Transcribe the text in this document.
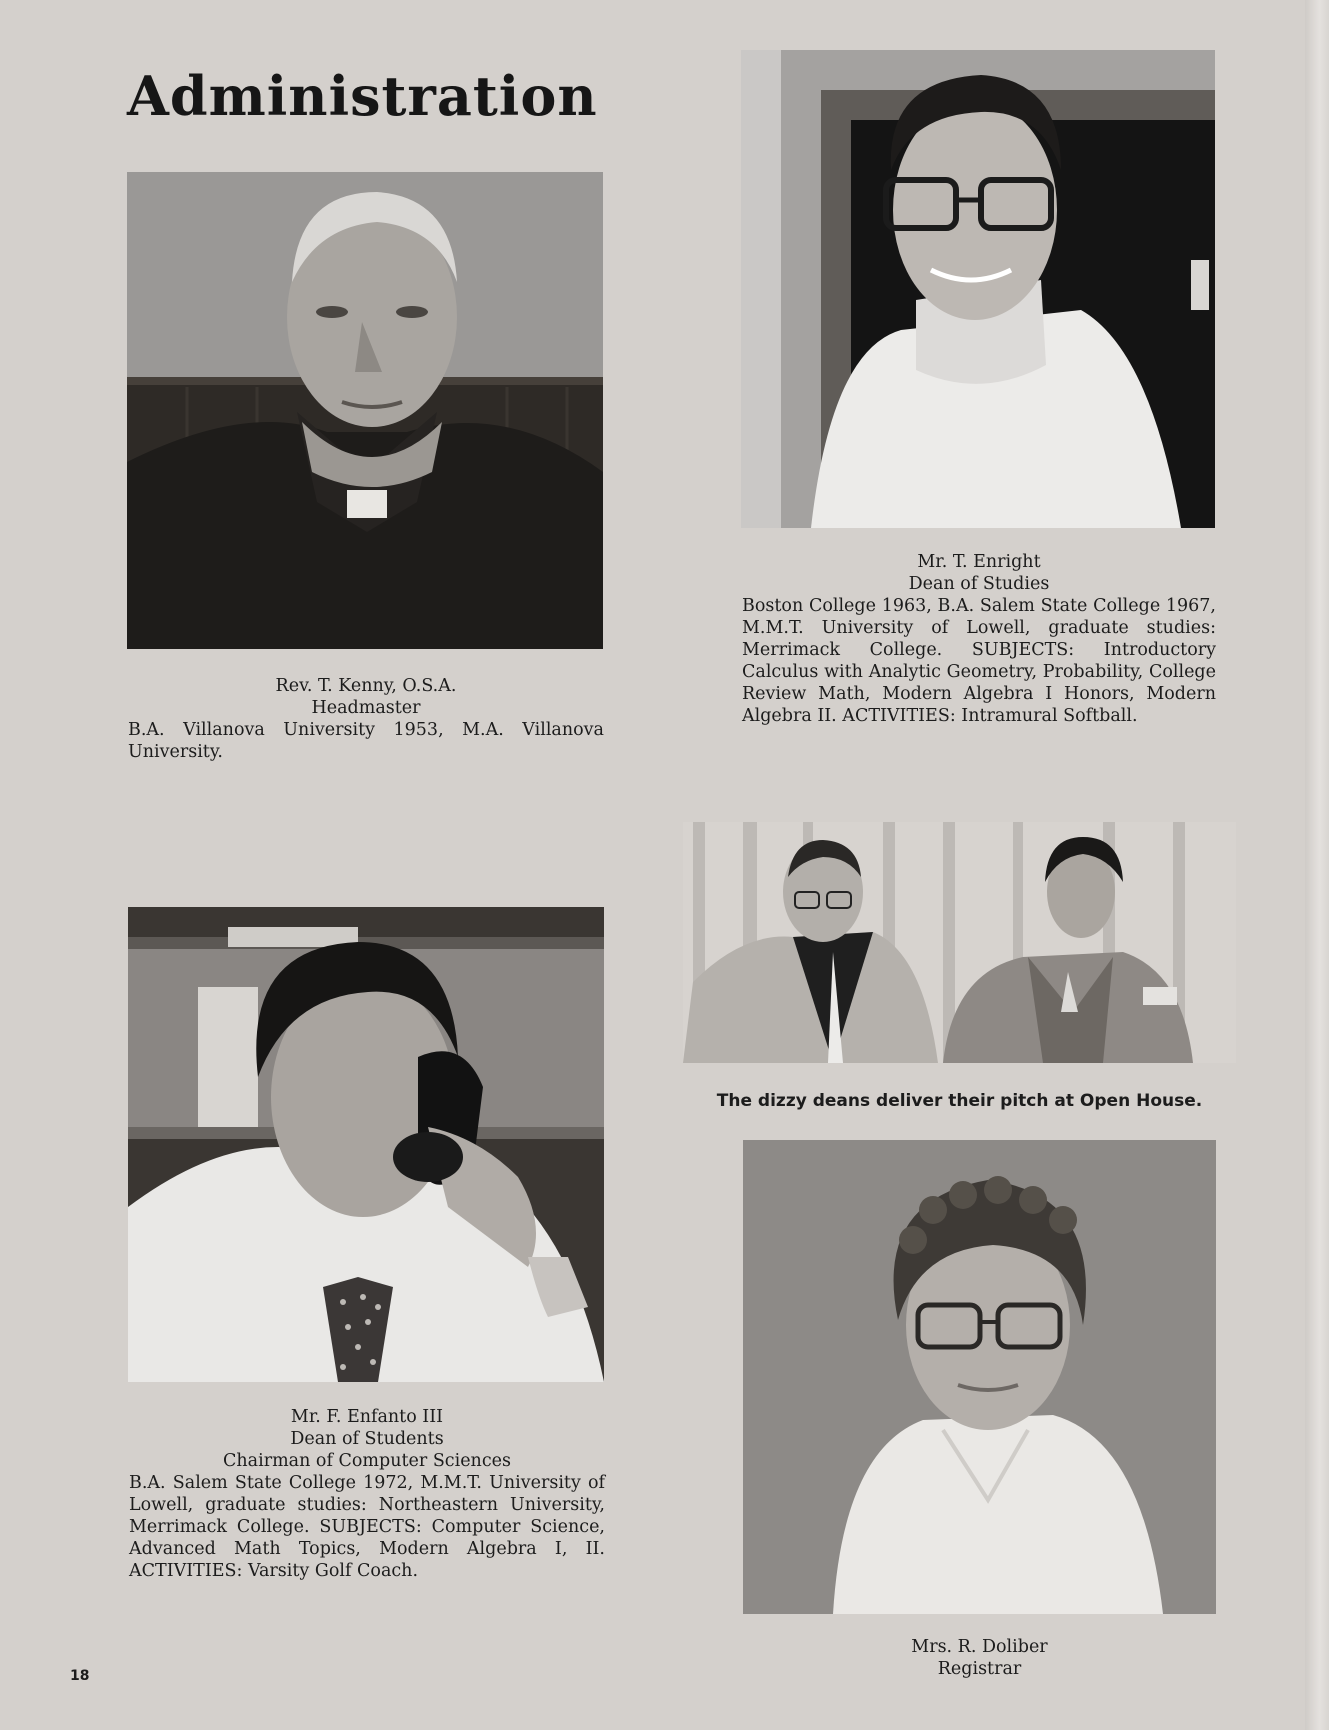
Administration
Rev. T. Kenny, O.S.A.
Headmaster
B.A. Villanova University 1953, M.A. Villanova University.
Mr. T. Enright
Dean of Studies
Boston College 1963, B.A. Salem State College 1967, M.M.T. University of Lowell, graduate studies: Merrimack College. SUBJECTS: Introductory Calculus with Analytic Geometry, Probability, College Review Math, Modern Algebra I Honors, Modern Algebra II. ACTIVITIES: Intramural Softball.
The dizzy deans deliver their pitch at Open House.
Mr. F. Enfanto III
Dean of Students
Chairman of Computer Sciences
B.A. Salem State College 1972, M.M.T. University of Lowell, graduate studies: Northeastern University, Merrimack College. SUBJECTS: Computer Science, Advanced Math Topics, Modern Algebra I, II. ACTIVITIES: Varsity Golf Coach.
Mrs. R. Doliber
Registrar
18
